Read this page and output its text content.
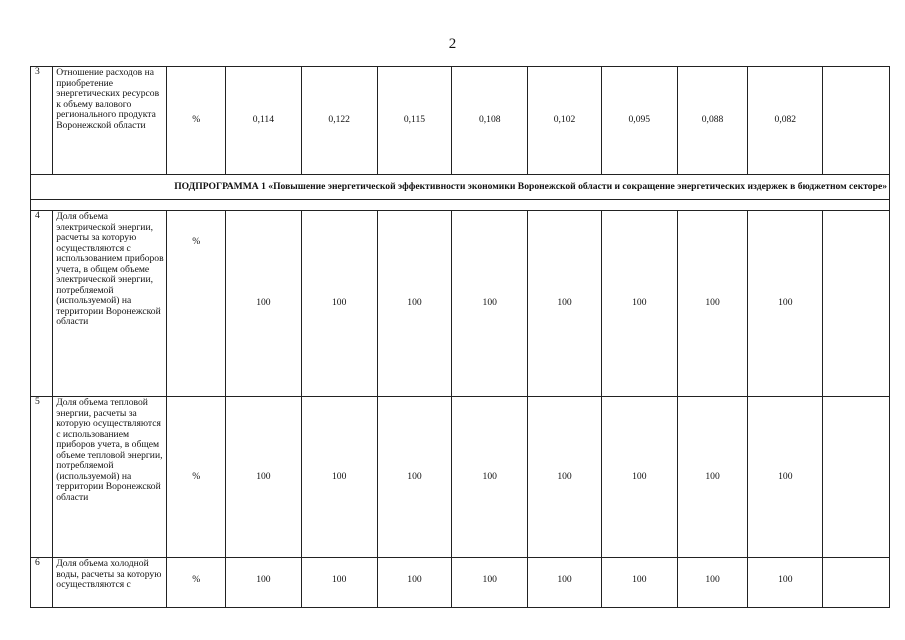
2
3	Отношение расходов на приобретение энергетических ресурсов к объему валового регионального продукта Воронежской области	%	0,114	0,122	0,115	0,108	0,102	0,095	0,088	0,082	
ПОДПРОГРАММА 1 «Повышение энергетической эффективности экономики Воронежской области и сокращение энергетических издержек в бюджетном секторе»											

4	Доля объема электрической энергии, расчеты за которую осуществляются с использованием приборов учета, в общем объеме электрической энергии, потребляемой (используемой) на территории Воронежской области	%	100	100	100	100	100	100	100	100	
5	Доля объема тепловой энергии, расчеты за которую осуществляются с использованием приборов учета, в общем объеме тепловой энергии, потребляемой (используемой) на территории Воронежской области	%	100	100	100	100	100	100	100	100	
6	Доля объема холодной воды, расчеты за которую осуществляются с	%	100	100	100	100	100	100	100	100	
